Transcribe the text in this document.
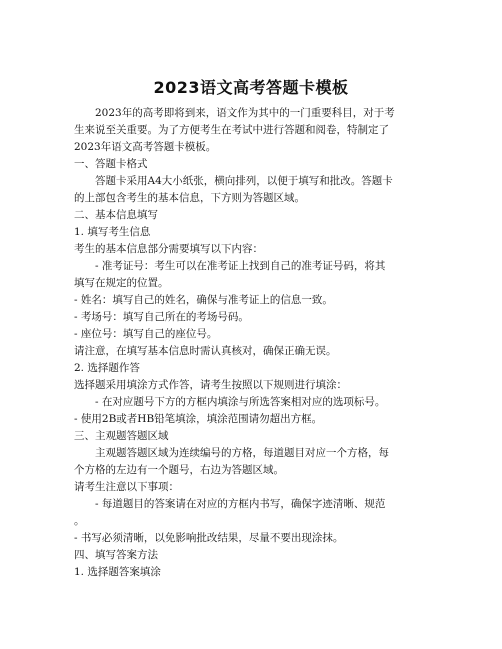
2023语文高考答题卡模板
2023年的高考即将到来，语文作为其中的一门重要科目，对于考
生来说至关重要。为了方便考生在考试中进行答题和阅卷，特制定了
2023年语文高考答题卡模板。
一、答题卡格式
答题卡采用A4大小纸张，横向排列，以便于填写和批改。答题卡
的上部包含考生的基本信息，下方则为答题区域。
二、基本信息填写
1. 填写考生信息
考生的基本信息部分需要填写以下内容：
- 准考证号：考生可以在准考证上找到自己的准考证号码，将其
填写在规定的位置。
- 姓名：填写自己的姓名，确保与准考证上的信息一致。
- 考场号：填写自己所在的考场号码。
- 座位号：填写自己的座位号。
请注意，在填写基本信息时需认真核对，确保正确无误。
2. 选择题作答
选择题采用填涂方式作答，请考生按照以下规则进行填涂：
- 在对应题号下方的方框内填涂与所选答案相对应的选项标号。
- 使用2B或者HB铅笔填涂，填涂范围请勿超出方框。
三、主观题答题区域
主观题答题区域为连续编号的方格，每道题目对应一个方格，每
个方格的左边有一个题号，右边为答题区域。
请考生注意以下事项：
- 每道题目的答案请在对应的方框内书写，确保字迹清晰、规范
。
- 书写必须清晰，以免影响批改结果，尽量不要出现涂抹。
四、填写答案方法
1. 选择题答案填涂
